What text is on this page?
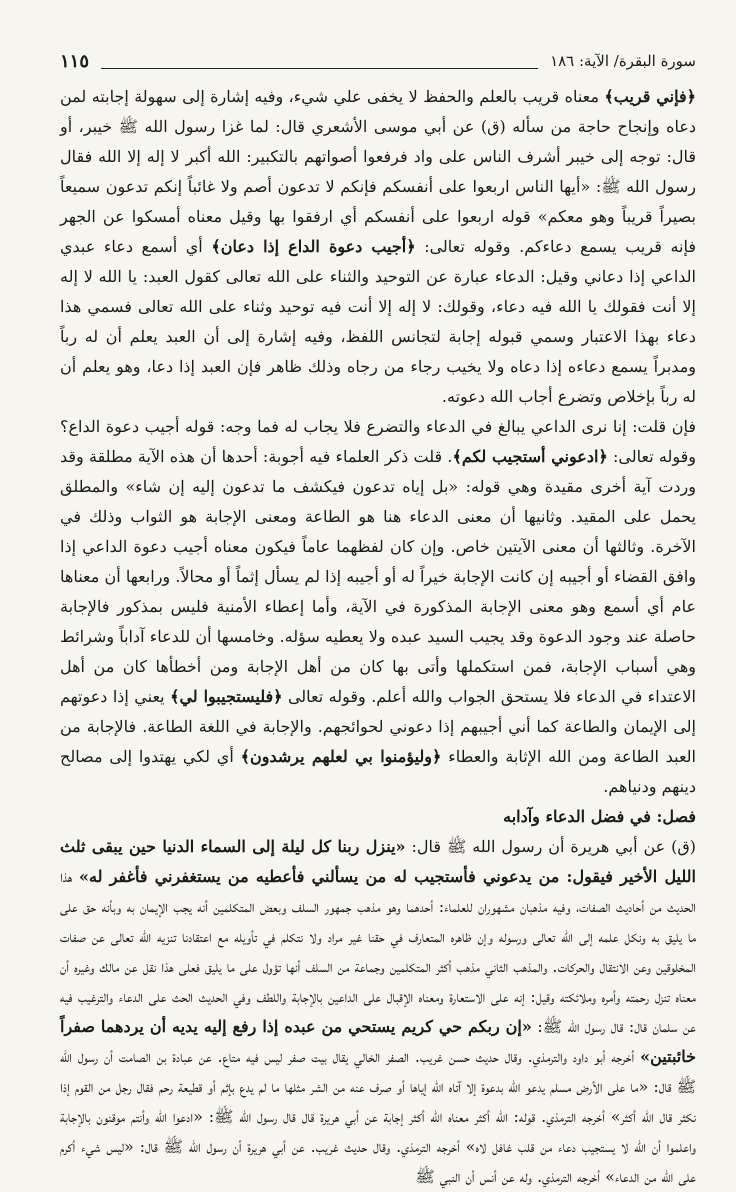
سورة البقرة/ الآية: ١٨٦
١١٥

﴿فإني قريب﴾ معناه قريب بالعلم والحفظ لا يخفى علي شيء، وفيه إشارة إلى سهولة إجابته لمن دعاه وإنجاح حاجة من سأله (ق) عن أبي موسى الأشعري قال: لما غزا رسول الله ﷺ خيبر، أو قال: توجه إلى خيبر أشرف الناس على واد فرفعوا أصواتهم بالتكبير: الله أكبر لا إله إلا الله فقال رسول الله ﷺ: «أيها الناس اربعوا على أنفسكم فإنكم لا تدعون أصم ولا غائباً إنكم تدعون سميعاً بصيراً قريباً وهو معكم» قوله اربعوا على أنفسكم أي ارفقوا بها وقيل معناه أمسكوا عن الجهر فإنه قريب يسمع دعاءكم. وقوله تعالى: ﴿أجيب دعوة الداع إذا دعان﴾ أي أسمع دعاء عبدي الداعي إذا دعاني وقيل: الدعاء عبارة عن التوحيد والثناء على الله تعالى كقول العبد: يا الله لا إله إلا أنت فقولك يا الله فيه دعاء، وقولك: لا إله إلا أنت فيه توحيد وثناء على الله تعالى فسمي هذا دعاء بهذا الاعتبار وسمي قبوله إجابة لتجانس اللفظ، وفيه إشارة إلى أن العبد يعلم أن له رباً ومدبراً يسمع دعاءه إذا دعاه ولا يخيب رجاء من رجاه وذلك ظاهر فإن العبد إذا دعا، وهو يعلم أن له رباً بإخلاص وتضرع أجاب الله دعوته.

فإن قلت: إنا نرى الداعي يبالغ في الدعاء والتضرع فلا يجاب له فما وجه: قوله أجيب دعوة الداع؟ وقوله تعالى: ﴿ادعوني أستجيب لكم﴾. قلت ذكر العلماء فيه أجوبة: أحدها أن هذه الآية مطلقة وقد وردت آية أخرى مقيدة وهي قوله: «بل إياه تدعون فيكشف ما تدعون إليه إن شاء» والمطلق يحمل على المقيد. وثانيها أن معنى الدعاء هنا هو الطاعة ومعنى الإجابة هو الثواب وذلك في الآخرة. وثالثها أن معنى الآيتين خاص. وإن كان لفظهما عاماً فيكون معناه أجيب دعوة الداعي إذا وافق القضاء أو أجيبه إن كانت الإجابة خيراً له أو أجيبه إذا لم يسأل إثماً أو محالاً. ورابعها أن معناها عام أي أسمع وهو معنى الإجابة المذكورة في الآية، وأما إعطاء الأمنية فليس بمذكور فالإجابة حاصلة عند وجود الدعوة وقد يجيب السيد عبده ولا يعطيه سؤله. وخامسها أن للدعاء آداباً وشرائط وهي أسباب الإجابة، فمن استكملها وأتى بها كان من أهل الإجابة ومن أخطأها كان من أهل الاعتداء في الدعاء فلا يستحق الجواب والله أعلم. وقوله تعالى ﴿فليستجيبوا لي﴾ يعني إذا دعوتهم إلى الإيمان والطاعة كما أني أجيبهم إذا دعوني لحوائجهم. والإجابة في اللغة الطاعة. فالإجابة من العبد الطاعة ومن الله الإثابة والعطاء ﴿وليؤمنوا بي لعلهم يرشدون﴾ أي لكي يهتدوا إلى مصالح دينهم ودنياهم.

فصل: في فضل الدعاء وآدابه

(ق) عن أبي هريرة أن رسول الله ﷺ قال: «ينزل ربنا كل ليلة إلى السماء الدنيا حين يبقى ثلث الليل الأخير فيقول: من يدعوني فأستجيب له من يسألني فأعطيه من يستغفرني فأغفر له» هذا الحديث من أحاديث الصفات، وفيه مذهبان مشهوران للعلماء: أحدهما وهو مذهب جمهور السلف وبعض المتكلمين أنه يجب الإيمان به وبأنه حق على ما يليق به ونكل علمه إلى الله تعالى ورسوله وإن ظاهره المتعارف في حقنا غير مراد ولا نتكلم في تأويله مع اعتقادنا تنزيه الله تعالى عن صفات المخلوقين وعن الانتقال والحركات. والمذهب الثاني مذهب أكثر المتكلمين وجماعة من السلف أنها تؤول على ما يليق فعلى هذا نقل عن مالك وغيره أن معناه تنزل رحمته وأمره وملائكته وقيل: إنه على الاستعارة ومعناه الإقبال على الداعين بالإجابة واللطف وفي الحديث الحث على الدعاء والترغيب فيه عن سلمان قال: قال رسول الله ﷺ: «إن ربكم حي كريم يستحي من عبده إذا رفع إليه يديه أن يردهما صفراً خائبتين» أخرجه أبو داود والترمذي. وقال حديث حسن غريب. الصفر الخالي يقال بيت صفر ليس فيه متاع. عن عبادة بن الصامت أن رسول الله ﷺ قال: «ما على الأرض مسلم يدعو الله بدعوة إلا آتاه الله إياها أو صرف عنه من الشر مثلها ما لم يدع بإثم أو قطيعة رحم فقال رجل من القوم إذا نكثر قال الله أكثر» أخرجه الترمذي. قوله: الله أكثر معناه الله أكثر إجابة عن أبي هريرة قال قال رسول الله ﷺ: «ادعوا الله وأنتم موقنون بالإجابة واعلموا أن الله لا يستجيب دعاء من قلب غافل لاه» أخرجه الترمذي. وقال حديث غريب. عن أبي هريرة أن رسول الله ﷺ قال: «ليس شيء أكرم على الله من الدعاء» أخرجه الترمذي. وله عن أنس أن النبي ﷺ
